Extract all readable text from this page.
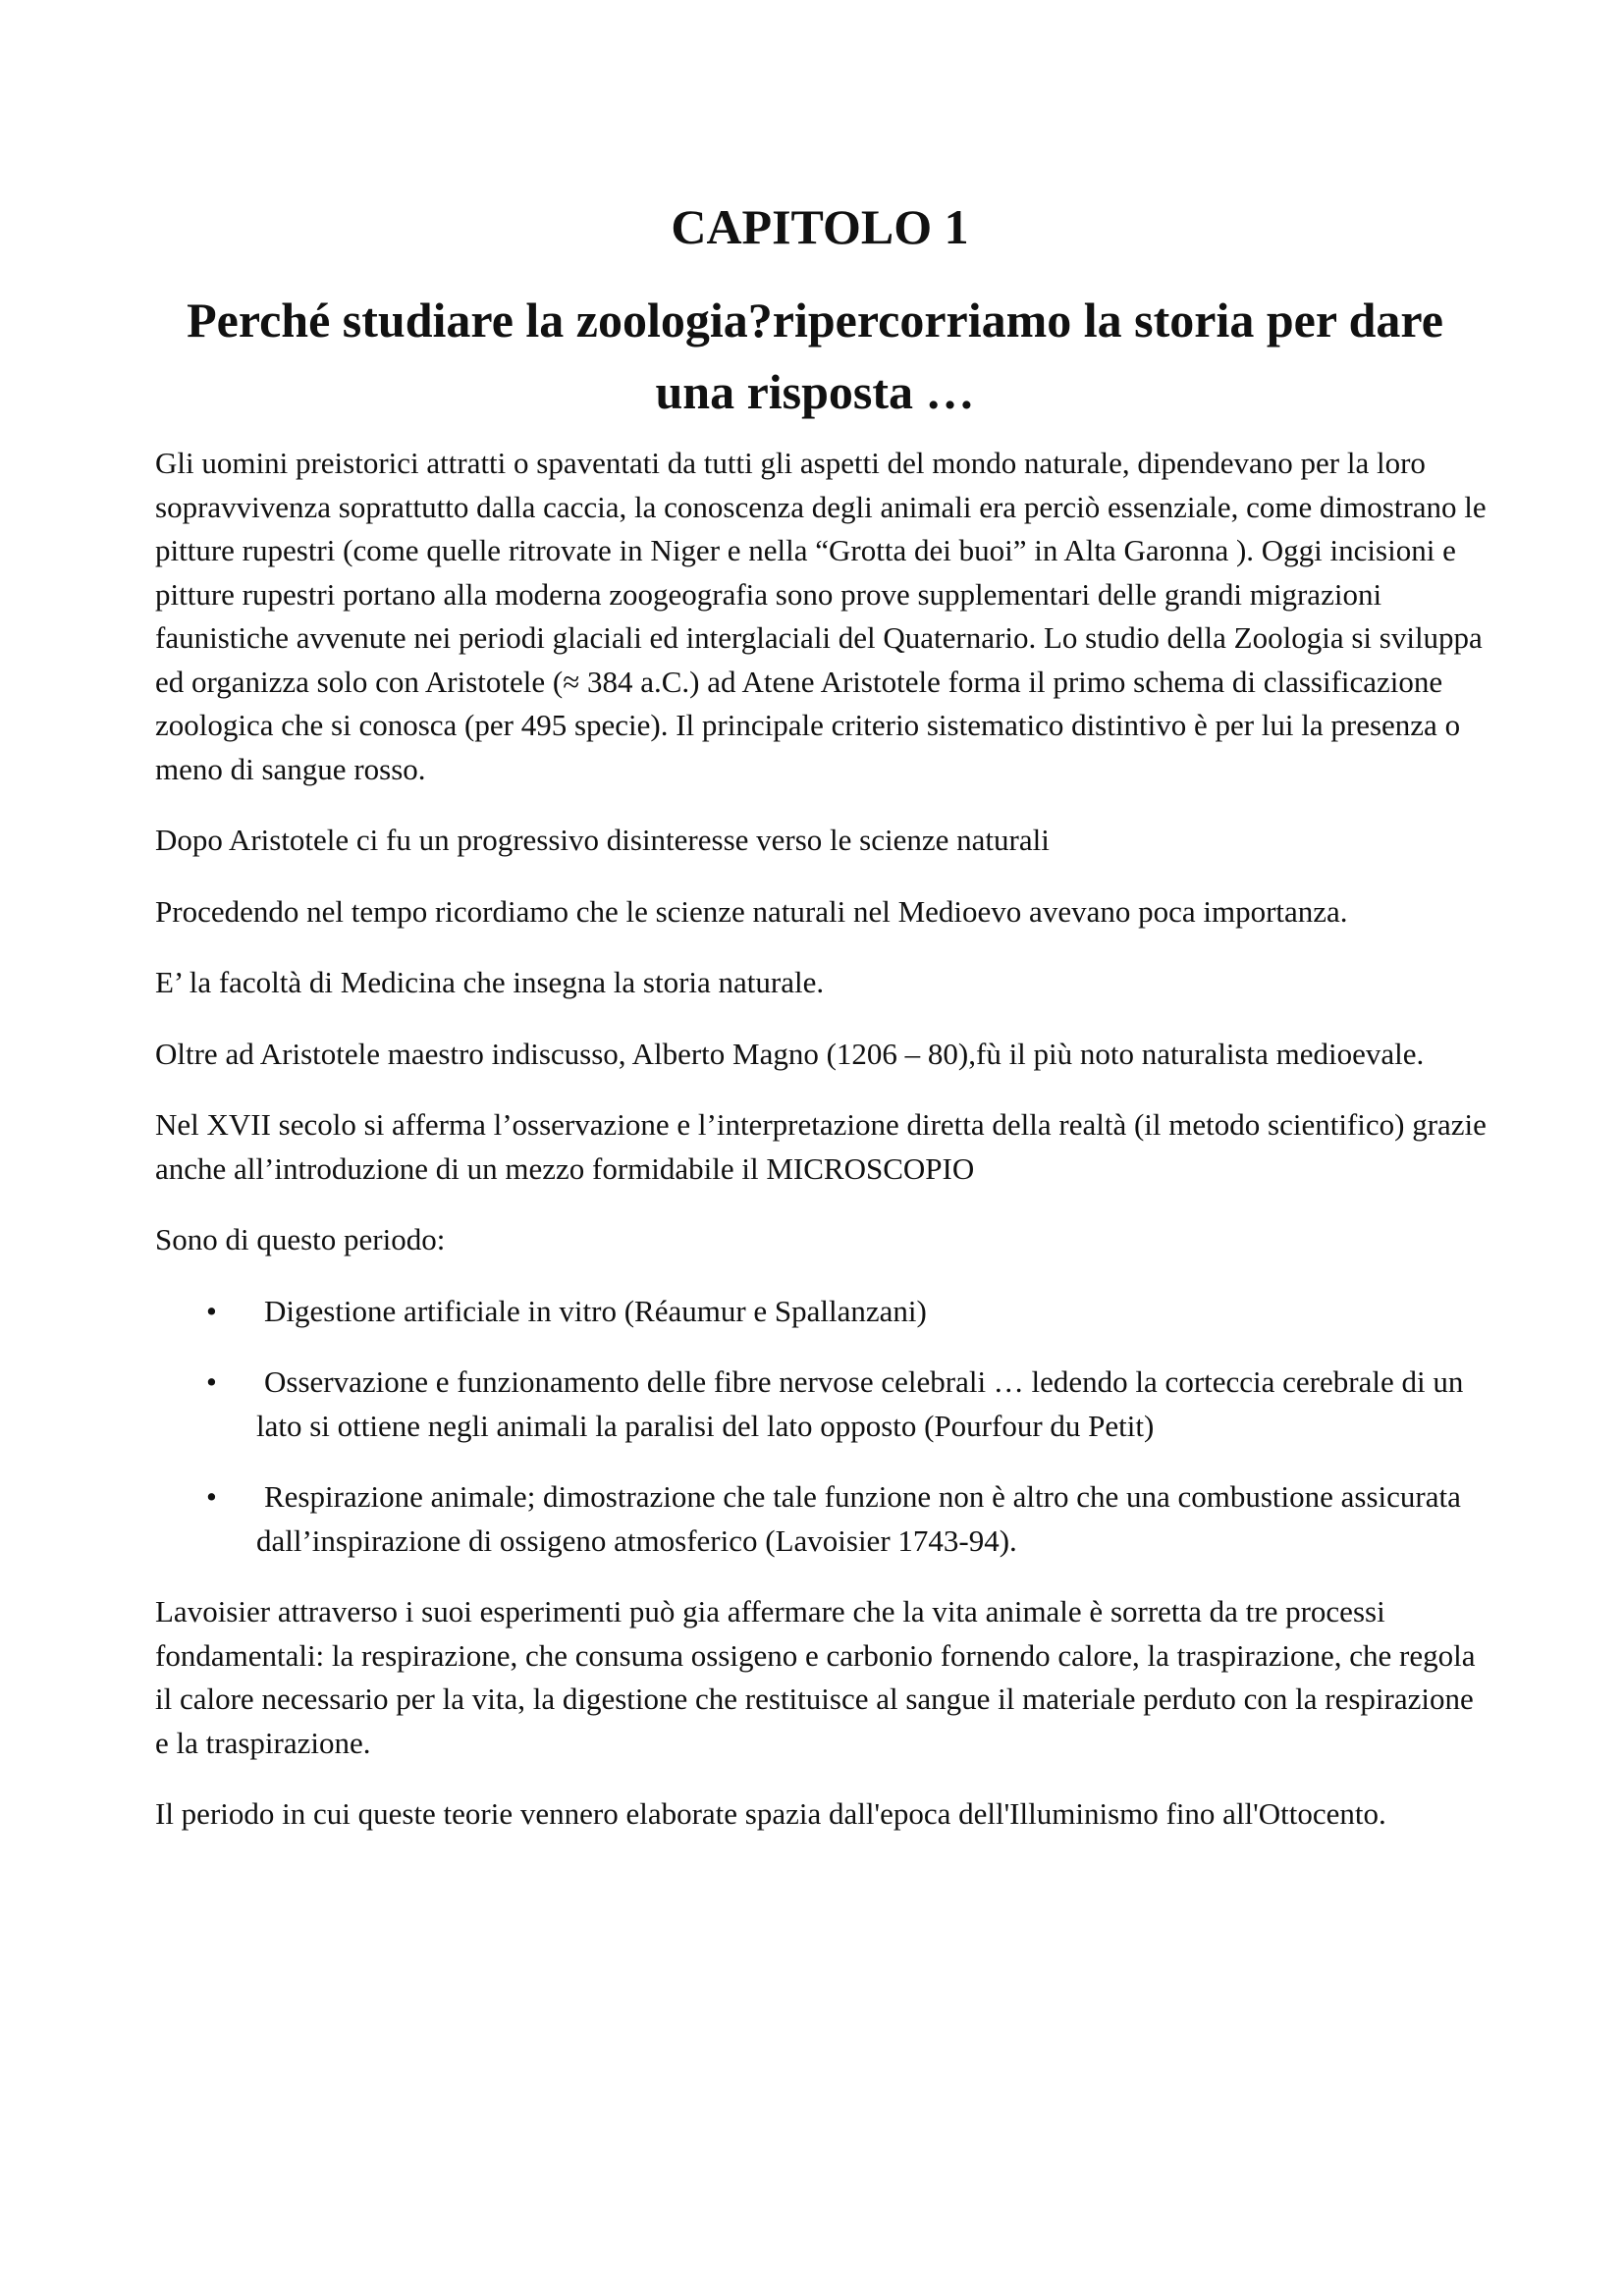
CAPITOLO 1
Perché studiare la zoologia?ripercorriamo la storia per dare una risposta …

Gli uomini preistorici attratti o spaventati da tutti gli aspetti del mondo naturale, dipendevano per la loro sopravvivenza soprattutto dalla caccia, la conoscenza degli animali era perciò essenziale, come dimostrano le pitture rupestri (come quelle ritrovate in Niger e nella “Grotta dei buoi” in Alta Garonna ). Oggi incisioni e pitture rupestri portano alla moderna zoogeografia sono prove supplementari delle grandi migrazioni faunistiche avvenute nei periodi glaciali ed interglaciali del Quaternario. Lo studio della Zoologia si sviluppa ed organizza solo con Aristotele (≈ 384 a.C.) ad Atene Aristotele forma il primo schema di classificazione zoologica che si conosca (per 495 specie). Il principale criterio sistematico distintivo è per lui la presenza o meno di sangue rosso.

Dopo Aristotele ci fu un progressivo disinteresse verso le scienze naturali

Procedendo nel tempo ricordiamo che le scienze naturali nel Medioevo avevano poca importanza.

E’ la facoltà di Medicina che insegna la storia naturale.

Oltre ad Aristotele maestro indiscusso, Alberto Magno (1206 – 80),fù il più noto naturalista medioevale.

Nel XVII secolo si afferma l’osservazione e l’interpretazione diretta della realtà (il metodo scientifico) grazie anche all’introduzione di un mezzo formidabile il MICROSCOPIO

Sono di questo periodo:

• Digestione artificiale in vitro (Réaumur e Spallanzani)
• Osservazione e funzionamento delle fibre nervose celebrali … ledendo la corteccia cerebrale di un lato si ottiene negli animali la paralisi del lato opposto (Pourfour du Petit)
• Respirazione animale; dimostrazione che tale funzione non è altro che una combustione assicurata dall’inspirazione di ossigeno atmosferico (Lavoisier 1743-94).

Lavoisier attraverso i suoi esperimenti può gia affermare che la vita animale è sorretta da tre processi fondamentali: la respirazione, che consuma ossigeno e carbonio fornendo calore, la traspirazione, che regola il calore necessario per la vita, la digestione che restituisce al sangue il materiale perduto con la respirazione e la traspirazione.

Il periodo in cui queste teorie vennero elaborate spazia dall'epoca dell'Illuminismo fino all'Ottocento.
